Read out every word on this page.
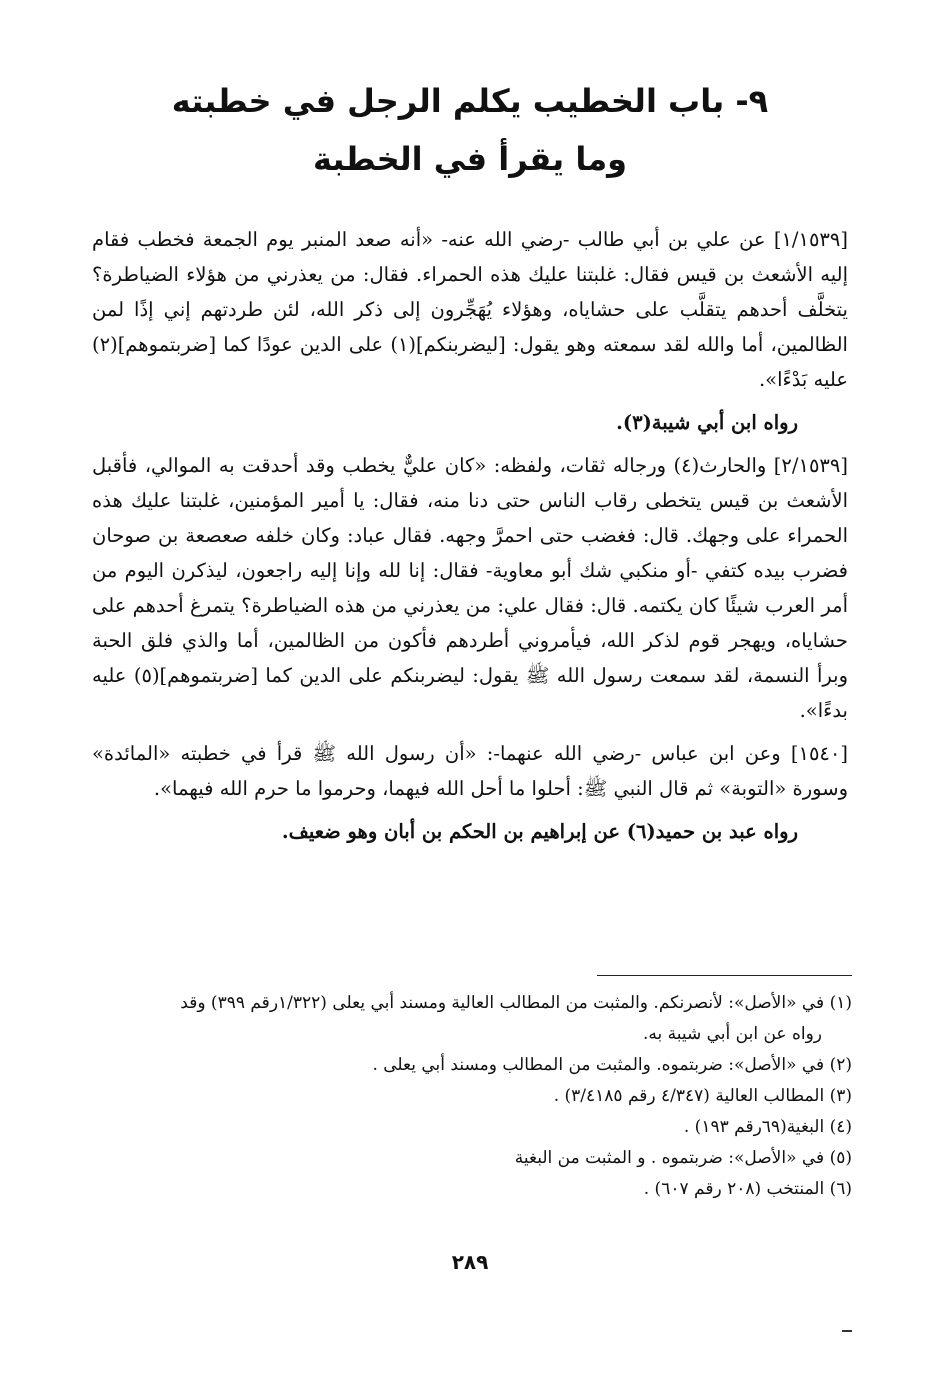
٩- باب الخطيب يكلم الرجل في خطبته
وما يقرأ في الخطبة

[١/١٥٣٩] عن علي بن أبي طالب -رضي الله عنه- «أنه صعد المنبر يوم الجمعة فخطب فقام إليه الأشعث بن قيس فقال: غلبتنا عليك هذه الحمراء. فقال: من يعذرني من هؤلاء الضياطرة؟ يتخلَّف أحدهم يتقلَّب على حشاياه، وهؤلاء يُهَجِّرون إلى ذكر الله، لئن طردتهم إني إذًا لمن الظالمين، أما والله لقد سمعته وهو يقول: [ليضربنكم](١) على الدين عودًا كما [ضربتموهم](٢) عليه بَدْءًا».

رواه ابن أبي شيبة(٣).

[٢/١٥٣٩] والحارث(٤) ورجاله ثقات، ولفظه: «كان عليٌّ يخطب وقد أحدقت به الموالي، فأقبل الأشعث بن قيس يتخطى رقاب الناس حتى دنا منه، فقال: يا أمير المؤمنين، غلبتنا عليك هذه الحمراء على وجهك. قال: فغضب حتى احمرَّ وجهه. فقال عباد: وكان خلفه صعصعة بن صوحان فضرب بيده كتفي -أو منكبي شك أبو معاوية- فقال: إنا لله وإنا إليه راجعون، ليذكرن اليوم من أمر العرب شيئًا كان يكتمه. قال: فقال علي: من يعذرني من هذه الضياطرة؟ يتمرغ أحدهم على حشاياه، ويهجر قوم لذكر الله، فيأمروني أطردهم فأكون من الظالمين، أما والذي فلق الحبة وبرأ النسمة، لقد سمعت رسول الله ﷺ يقول: ليضربنكم على الدين كما [ضربتموهم](٥) عليه بدءًا».

[١٥٤٠] وعن ابن عباس -رضي الله عنهما-: «أن رسول الله ﷺ قرأ في خطبته «المائدة» وسورة «التوبة» ثم قال النبي ﷺ: أحلوا ما أحل الله فيهما، وحرموا ما حرم الله فيهما».

رواه عبد بن حميد(٦) عن إبراهيم بن الحكم بن أبان وهو ضعيف.

(١) في «الأصل»: لأنصرنكم. والمثبت من المطالب العالية ومسند أبي يعلى (١/٣٢٢رقم ٣٩٩) وقد

رواه عن ابن أبي شيبة به.

(٢) في «الأصل»: ضربتموه. والمثبت من المطالب ومسند أبي يعلى .

(٣) المطالب العالية (٤/٣٤٧ رقم ٣/٤١٨٥) .

(٤) البغية(٦٩رقم ١٩٣) .

(٥) في «الأصل»: ضربتموه . و المثبت من البغية

(٦) المنتخب (٢٠٨ رقم ٦٠٧) .

٢٨٩
